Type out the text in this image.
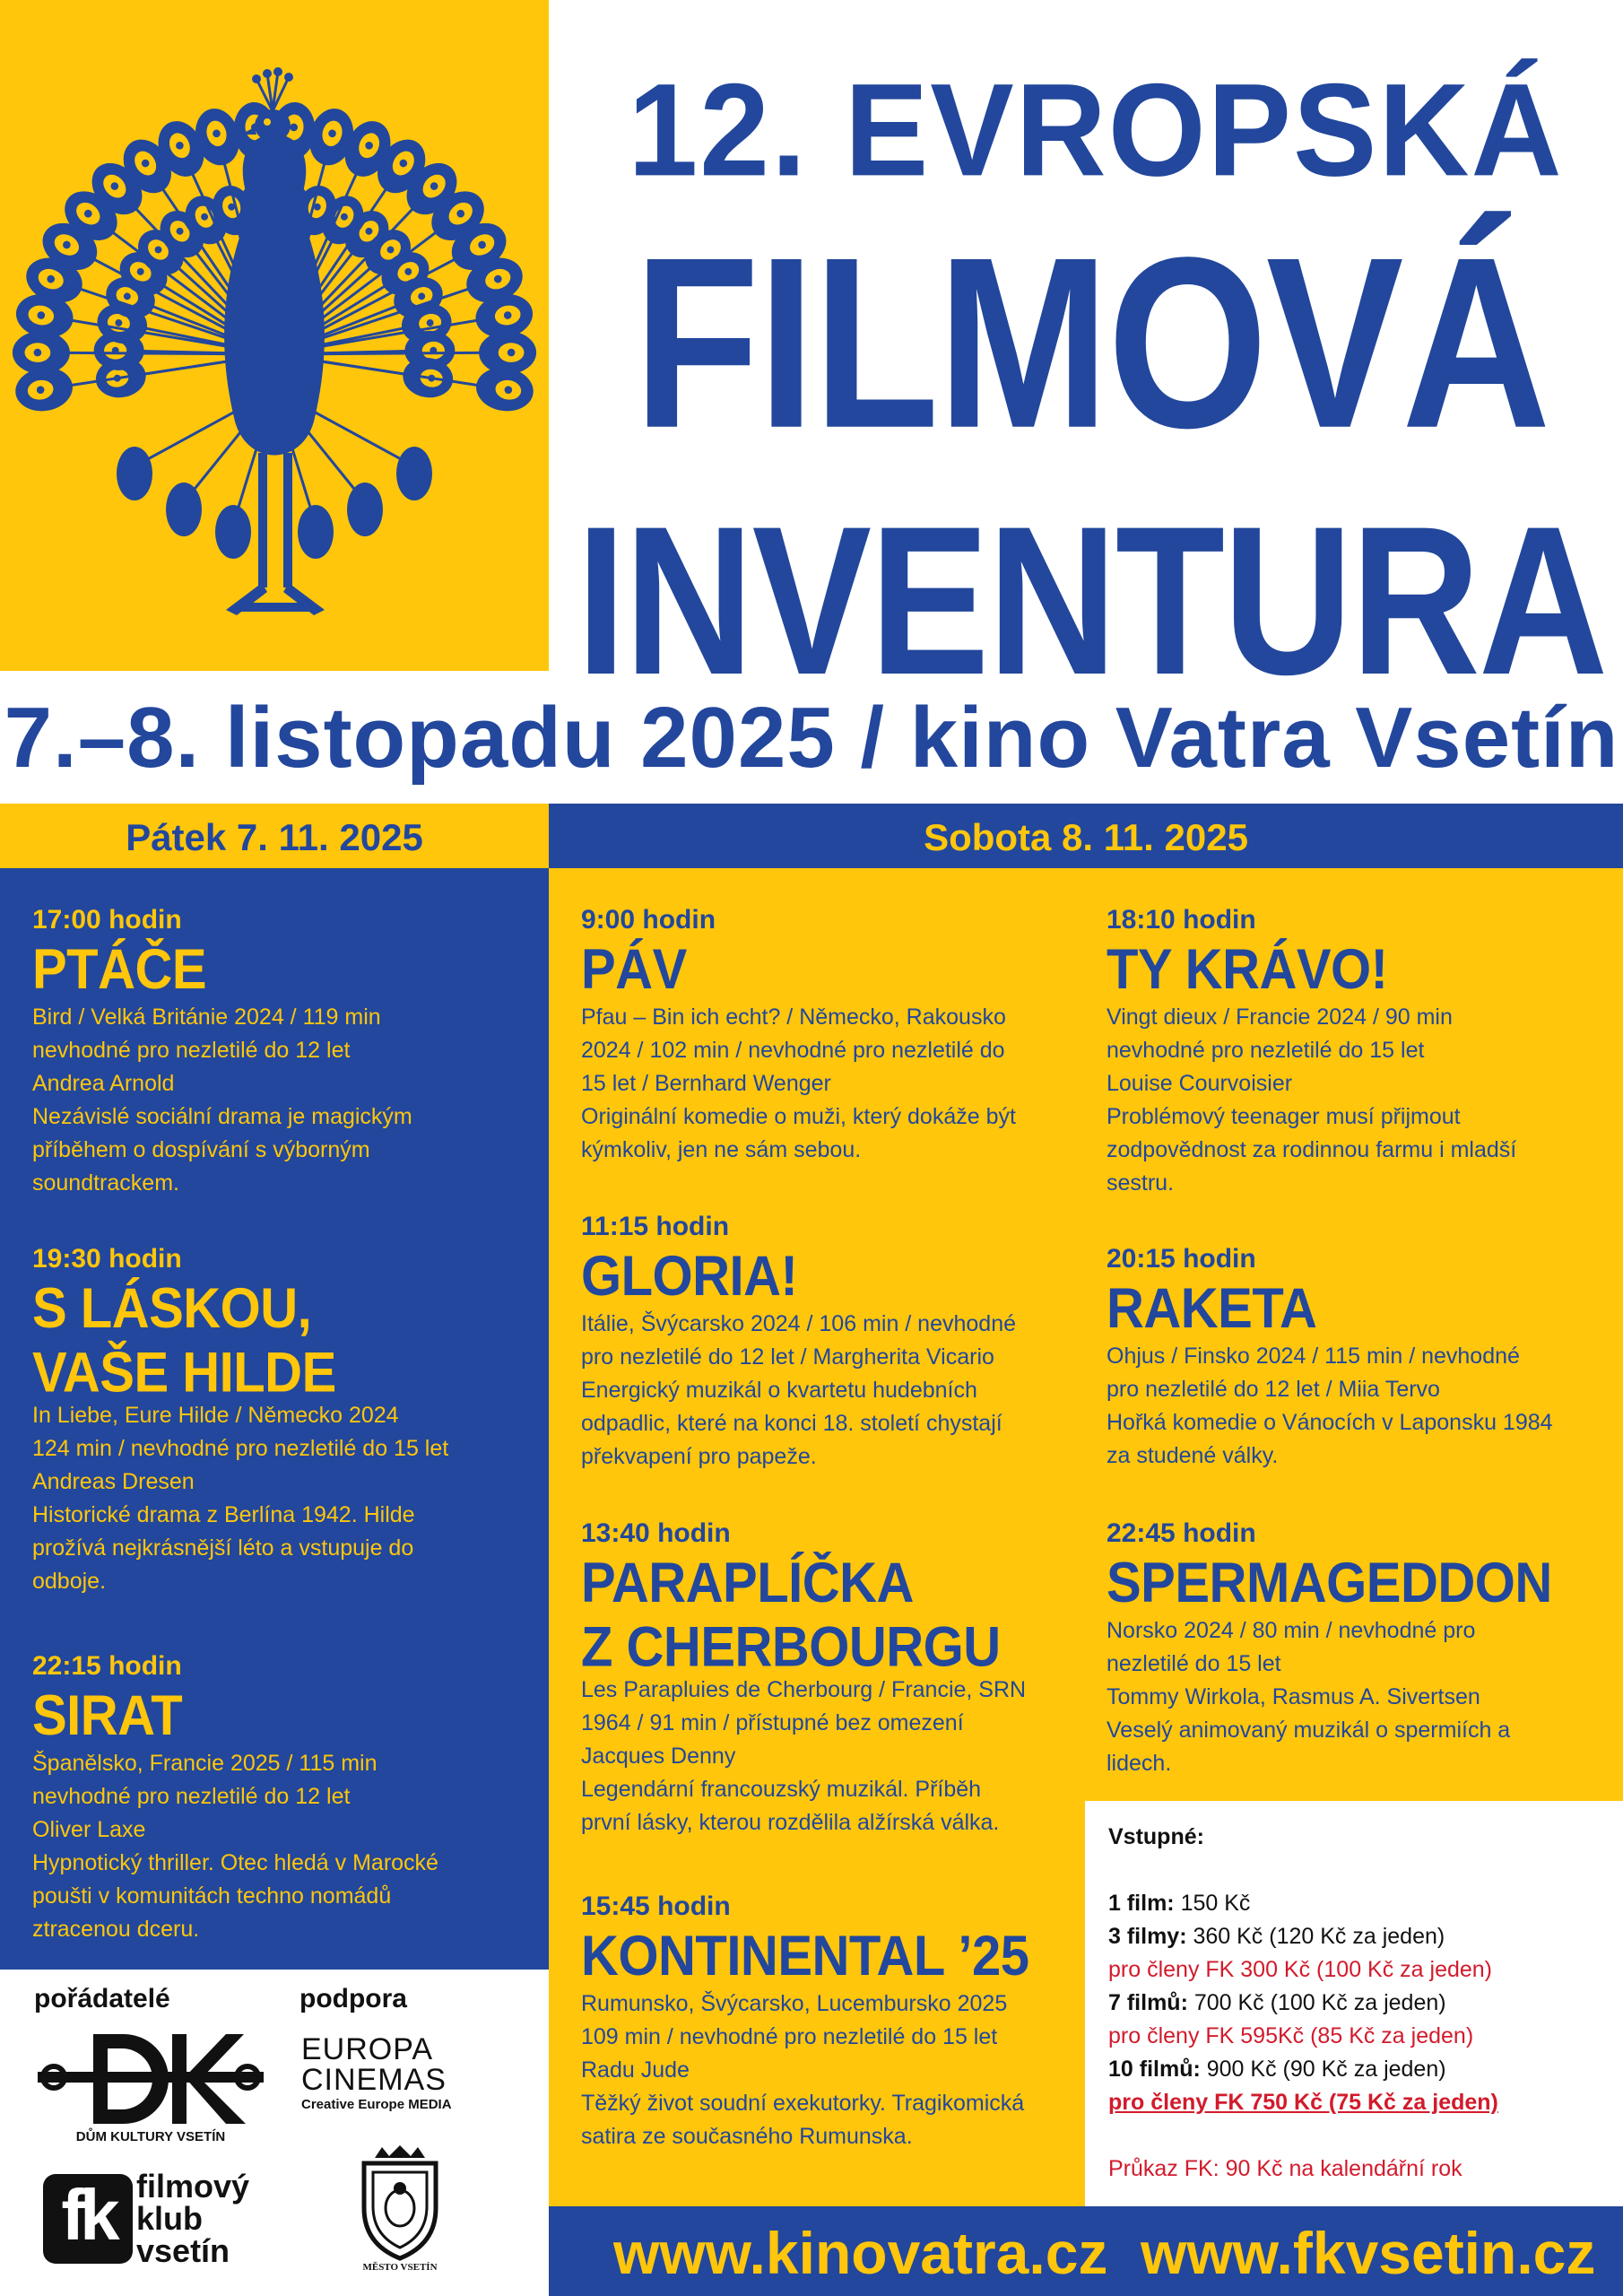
12. EVROPSKÁ
FILMOVÁ
INVENTURA
7.–8. listopadu 2025 / kino Vatra Vsetín
Pátek 7. 11. 2025	Sobota 8. 11. 2025
17:00 hodin
PTÁČE
Bird / Velká Británie 2024 / 119 min
nevhodné pro nezletilé do 12 let
Andrea Arnold
Nezávislé sociální drama je magickým
příběhem o dospívání s výborným
soundtrackem.
19:30 hodin
S LÁSKOU,
VAŠE HILDE
In Liebe, Eure Hilde / Německo 2024
124 min / nevhodné pro nezletilé do 15 let
Andreas Dresen
Historické drama z Berlína 1942. Hilde
prožívá nejkrásnější léto a vstupuje do
odboje.
22:15 hodin
SIRAT
Španělsko, Francie 2025 / 115 min
nevhodné pro nezletilé do 12 let
Oliver Laxe
Hypnotický thriller. Otec hledá v Marocké
poušti v komunitách techno nomádů
ztracenou dceru.
9:00 hodin
PÁV
Pfau – Bin ich echt? / Německo, Rakousko
2024 / 102 min / nevhodné pro nezletilé do
15 let / Bernhard Wenger
Originální komedie o muži, který dokáže být
kýmkoliv, jen ne sám sebou.
11:15 hodin
GLORIA!
Itálie, Švýcarsko 2024 / 106 min / nevhodné
pro nezletilé do 12 let / Margherita Vicario
Energický muzikál o kvartetu hudebních
odpadlic, které na konci 18. století chystají
překvapení pro papeže.
13:40 hodin
PARAPLÍČKA
Z CHERBOURGU
Les Parapluies de Cherbourg / Francie, SRN
1964 / 91 min / přístupné bez omezení
Jacques Denny
Legendární francouzský muzikál. Příběh
první lásky, kterou rozdělila alžírská válka.
15:45 hodin
KONTINENTAL ’25
Rumunsko, Švýcarsko, Lucembursko 2025
109 min / nevhodné pro nezletilé do 15 let
Radu Jude
Těžký život soudní exekutorky. Tragikomická
satira ze současného Rumunska.
18:10 hodin
TY KRÁVO!
Vingt dieux / Francie 2024 / 90 min
nevhodné pro nezletilé do 15 let
Louise Courvoisier
Problémový teenager musí přijmout
zodpovědnost za rodinnou farmu i mladší
sestru.
20:15 hodin
RAKETA
Ohjus / Finsko 2024 / 115 min / nevhodné
pro nezletilé do 12 let / Miia Tervo
Hořká komedie o Vánocích v Laponsku 1984
za studené války.
22:45 hodin
SPERMAGEDDON
Norsko 2024 / 80 min / nevhodné pro
nezletilé do 15 let
Tommy Wirkola, Rasmus A. Sivertsen
Veselý animovaný muzikál o spermiích a
lidech.
Vstupné:
1 film: 150 Kč
3 filmy: 360 Kč (120 Kč za jeden)
pro členy FK 300 Kč (100 Kč za jeden)
7 filmů: 700 Kč (100 Kč za jeden)
pro členy FK 595Kč (85 Kč za jeden)
10 filmů: 900 Kč (90 Kč za jeden)
pro členy FK 750 Kč (75 Kč za jeden)
Průkaz FK: 90 Kč na kalendářní rok
www.kinovatra.cz www.fkvsetin.cz
pořádatelé	podpora
DŮM KULTURY VSETÍN
EUROPA
CINEMAS
Creative Europe MEDIA
fk filmový
klub
vsetín	MĚSTO VSETÍN
